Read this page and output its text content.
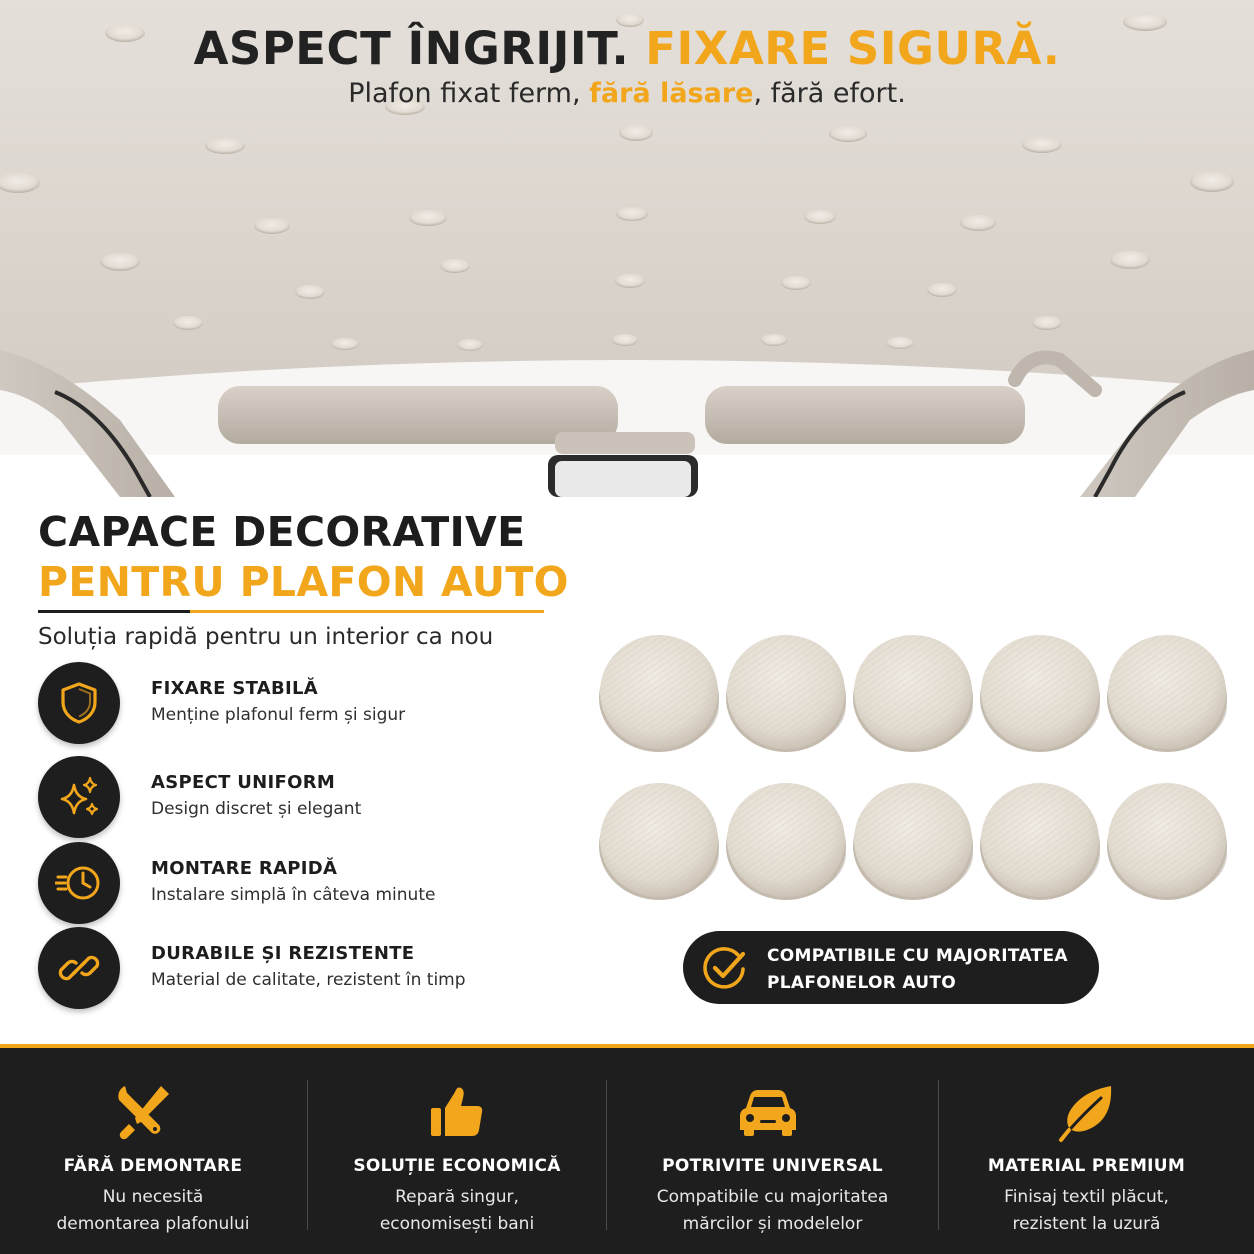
ASPECT ÎNGRIJIT. FIXARE SIGURĂ.
Plafon fixat ferm, fără lăsare, fără efort.
CAPACE DECORATIVE
PENTRU PLAFON AUTO
Soluția rapidă pentru un interior ca nou
FIXARE STABILĂ
Menține plafonul ferm și sigur
ASPECT UNIFORM
Design discret și elegant
MONTARE RAPIDĂ
Instalare simplă în câteva minute
DURABILE ȘI REZISTENTE
Material de calitate, rezistent în timp
COMPATIBILE CU MAJORITATEA
PLAFONELOR AUTO
FĂRĂ DEMONTARE
Nu necesită
demontarea plafonului
SOLUȚIE ECONOMICĂ
Repară singur,
economisești bani
POTRIVITE UNIVERSAL
Compatibile cu majoritatea
mărcilor și modelelor
MATERIAL PREMIUM
Finisaj textil plăcut,
rezistent la uzură
